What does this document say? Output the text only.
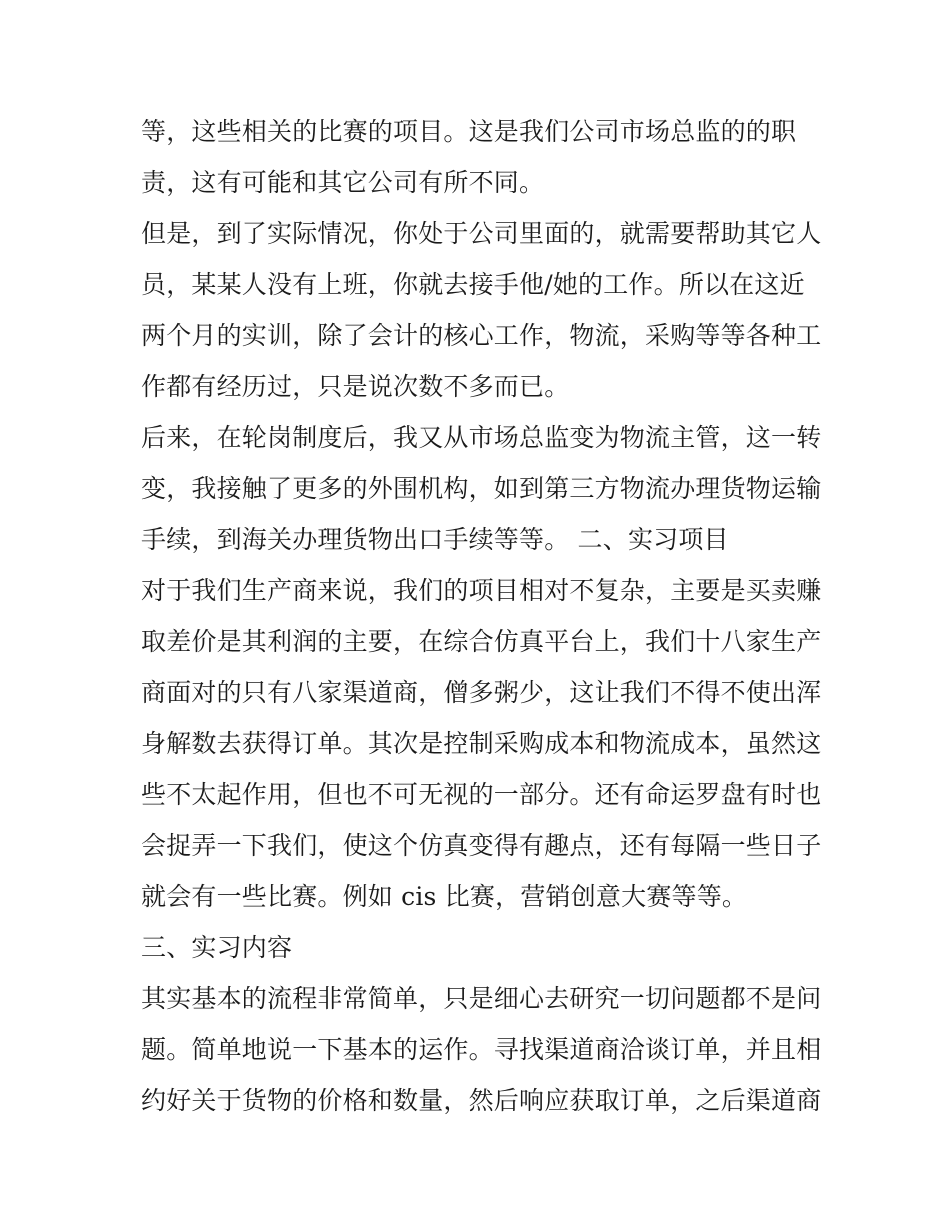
等，这些相关的比赛的项目。这是我们公司市场总监的的职
责，这有可能和其它公司有所不同。
但是，到了实际情况，你处于公司里面的，就需要帮助其它人
员，某某人没有上班，你就去接手他/她的工作。所以在这近
两个月的实训，除了会计的核心工作，物流，采购等等各种工
作都有经历过，只是说次数不多而已。
后来，在轮岗制度后，我又从市场总监变为物流主管，这一转
变，我接触了更多的外围机构，如到第三方物流办理货物运输
手续，到海关办理货物出口手续等等。 二、实习项目
对于我们生产商来说，我们的项目相对不复杂，主要是买卖赚
取差价是其利润的主要，在综合仿真平台上，我们十八家生产
商面对的只有八家渠道商，僧多粥少，这让我们不得不使出浑
身解数去获得订单。其次是控制采购成本和物流成本，虽然这
些不太起作用，但也不可无视的一部分。还有命运罗盘有时也
会捉弄一下我们，使这个仿真变得有趣点，还有每隔一些日子
就会有一些比赛。例如 cis 比赛，营销创意大赛等等。
三、实习内容
其实基本的流程非常简单，只是细心去研究一切问题都不是问
题。简单地说一下基本的运作。寻找渠道商洽谈订单，并且相
约好关于货物的价格和数量，然后响应获取订单，之后渠道商
